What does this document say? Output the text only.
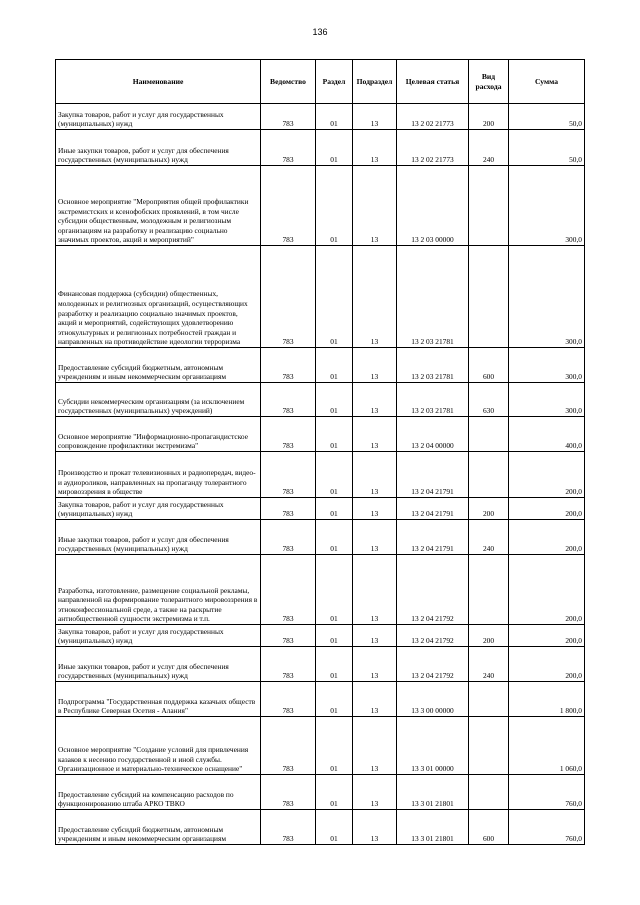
136
Наименование	Ведомство	Раздел	Подраздел	Целевая статья	Вид расхода	Сумма
Закупка товаров, работ и услуг для государственных (муниципальных) нужд	783	01	13	13 2 02 21773	200	50,0
Иные закупки товаров, работ и услуг для обеспечения государственных (муниципальных) нужд	783	01	13	13 2 02 21773	240	50,0
Основное мероприятие "Мероприятия общей профилактики экстремистских и ксенофобских проявлений, в том числе субсидии общественным, молодежным и религиозным организациям на разработку и реализацию социально значимых проектов, акций и мероприятий"	783	01	13	13 2 03 00000		300,0
Финансовая поддержка (субсидии) общественных, молодежных и религиозных организаций, осуществляющих разработку и реализацию социально значимых проектов, акций и мероприятий, содействующих удовлетворению этнокультурных и религиозных потребностей граждан и направленных на противодействие идеологии терроризма	783	01	13	13 2 03 21781		300,0
Предоставление субсидий бюджетным, автономным учреждениям и иным некоммерческим организациям	783	01	13	13 2 03 21781	600	300,0
Субсидии некоммерческим организациям (за исключением государственных (муниципальных) учреждений)	783	01	13	13 2 03 21781	630	300,0
Основное мероприятие "Информационно-пропагандистское сопровождение профилактики экстремизма"	783	01	13	13 2 04 00000		400,0
Производство и прокат телевизионных и радиопередач, видео- и аудиороликов, направленных на пропаганду толерантного мировоззрения в обществе	783	01	13	13 2 04 21791		200,0
Закупка товаров, работ и услуг для государственных (муниципальных) нужд	783	01	13	13 2 04 21791	200	200,0
Иные закупки товаров, работ и услуг для обеспечения государственных (муниципальных) нужд	783	01	13	13 2 04 21791	240	200,0
Разработка, изготовление, размещение социальной рекламы, направленной на формирование толерантного мировоззрения в этноконфессиональной среде, а также на раскрытие антиобщественной сущности экстремизма и т.п.	783	01	13	13 2 04 21792		200,0
Закупка товаров, работ и услуг для государственных (муниципальных) нужд	783	01	13	13 2 04 21792	200	200,0
Иные закупки товаров, работ и услуг для обеспечения государственных (муниципальных) нужд	783	01	13	13 2 04 21792	240	200,0
Подпрограмма "Государственная поддержка казачьих обществ в Республике Северная Осетия - Алания"	783	01	13	13 3 00 00000		1 800,0
Основное мероприятие "Создание условий для привлечения казаков к несению государственной и иной службы. Организационное и материально-техническое оснащение"	783	01	13	13 3 01 00000		1 060,0
Предоставление субсидий на компенсацию расходов по функционированию штаба АРКО ТВКО	783	01	13	13 3 01 21801		760,0
Предоставление субсидий бюджетным, автономным учреждениям и иным некоммерческим организациям	783	01	13	13 3 01 21801	600	760,0
